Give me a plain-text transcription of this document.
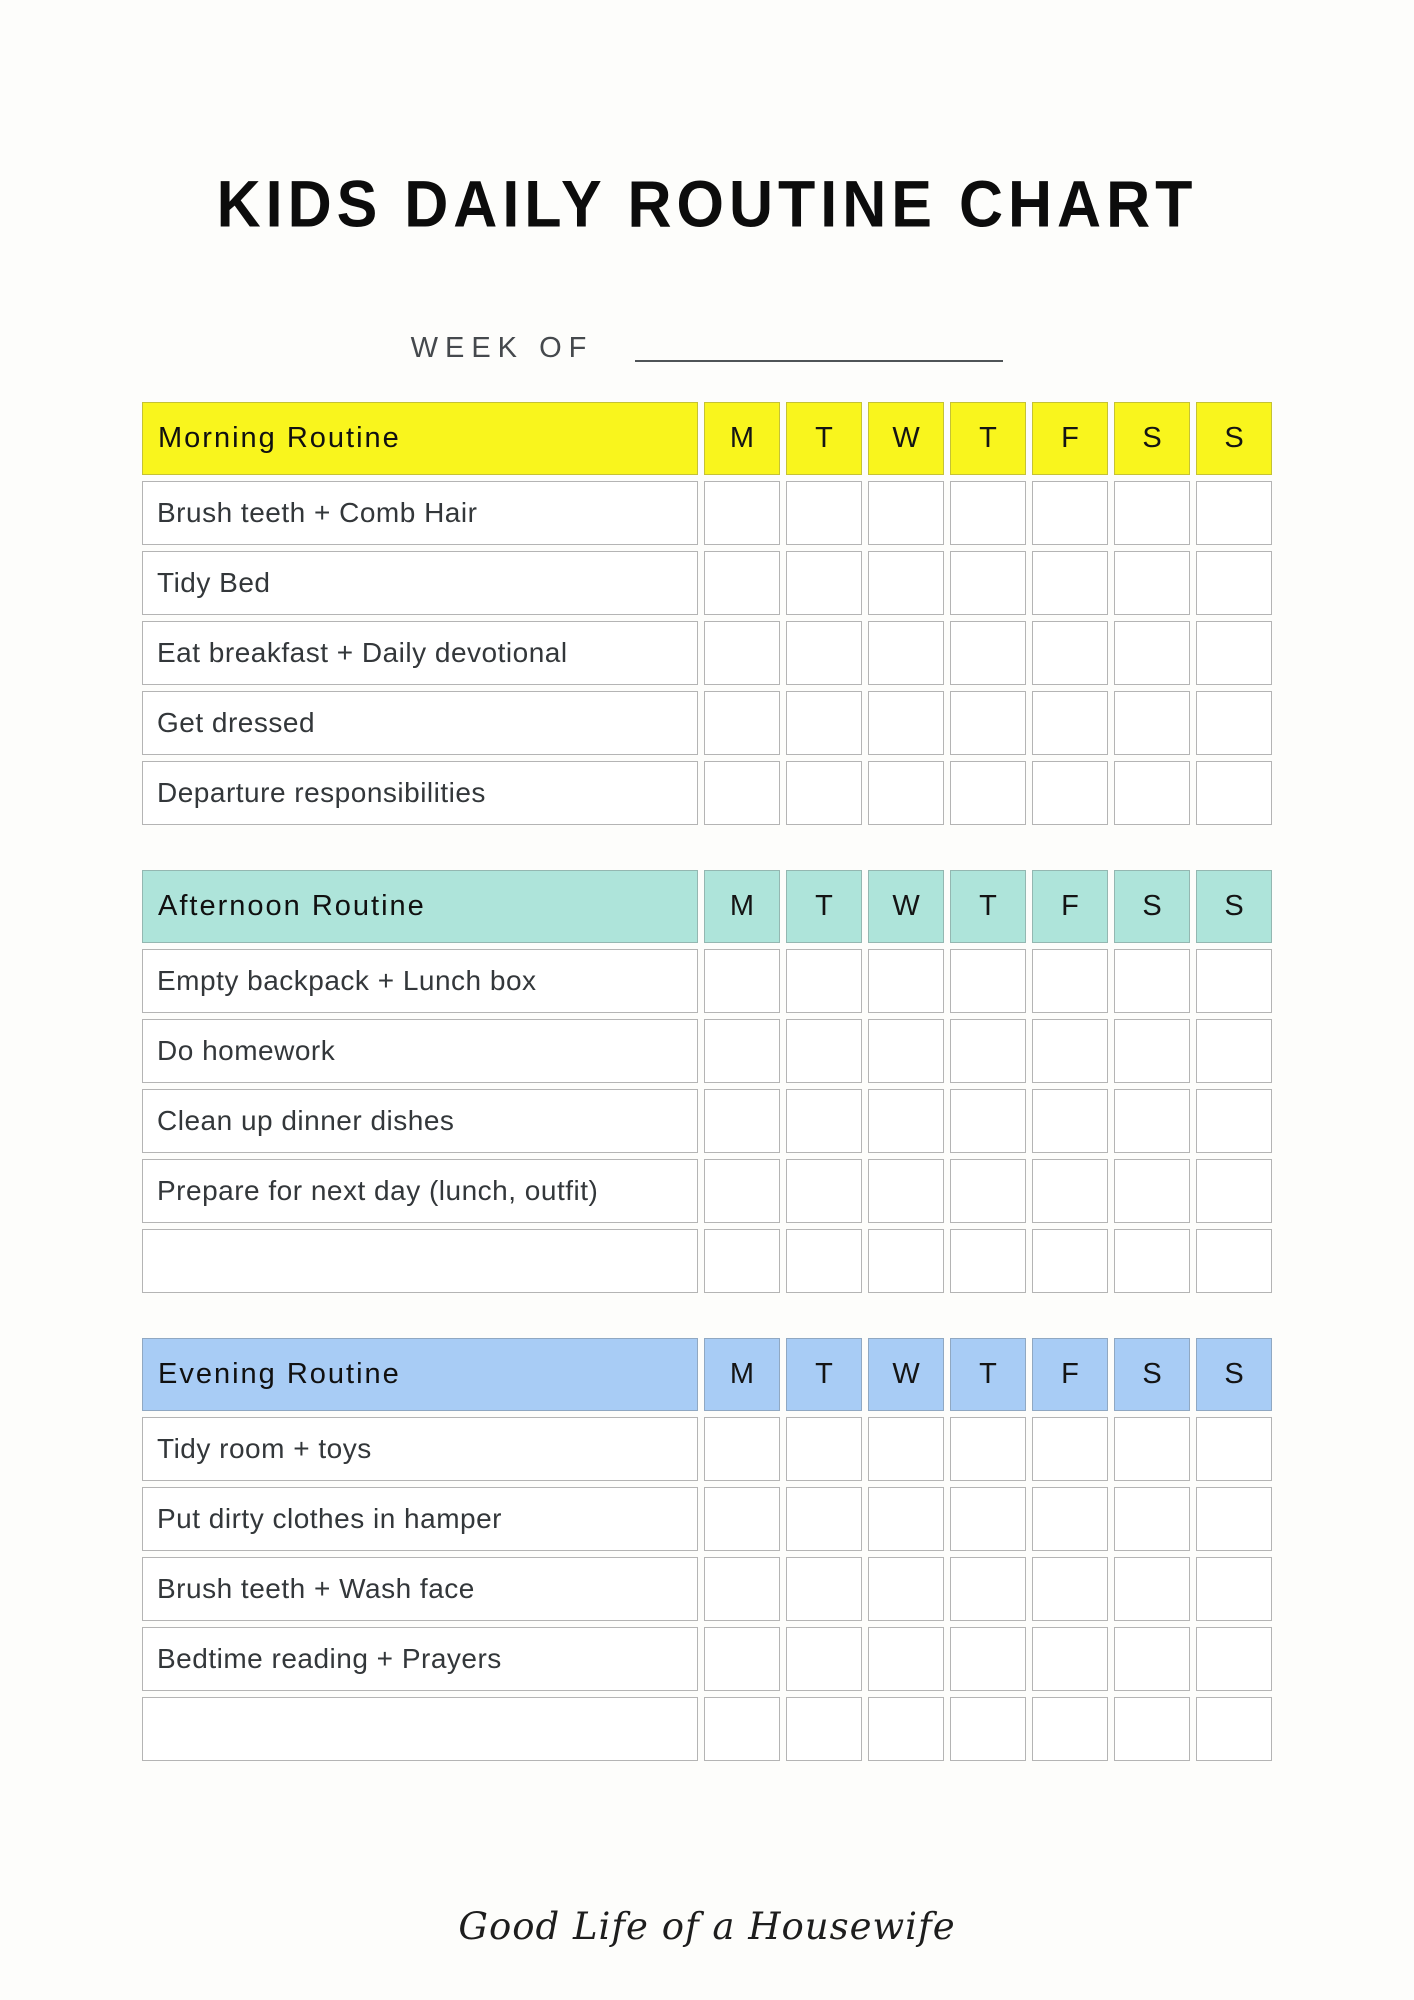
KIDS DAILY ROUTINE CHART
WEEK OF
Morning Routine	M	T	W	T	F	S	S
Brush teeth + Comb Hair
Tidy Bed
Eat breakfast + Daily devotional
Get dressed
Departure responsibilities
Afternoon Routine	M	T	W	T	F	S	S
Empty backpack + Lunch box
Do homework
Clean up dinner dishes
Prepare for next day (lunch, outfit)
Evening Routine	M	T	W	T	F	S	S
Tidy room + toys
Put dirty clothes in hamper
Brush teeth + Wash face
Bedtime reading + Prayers
Good Life of a Housewife
